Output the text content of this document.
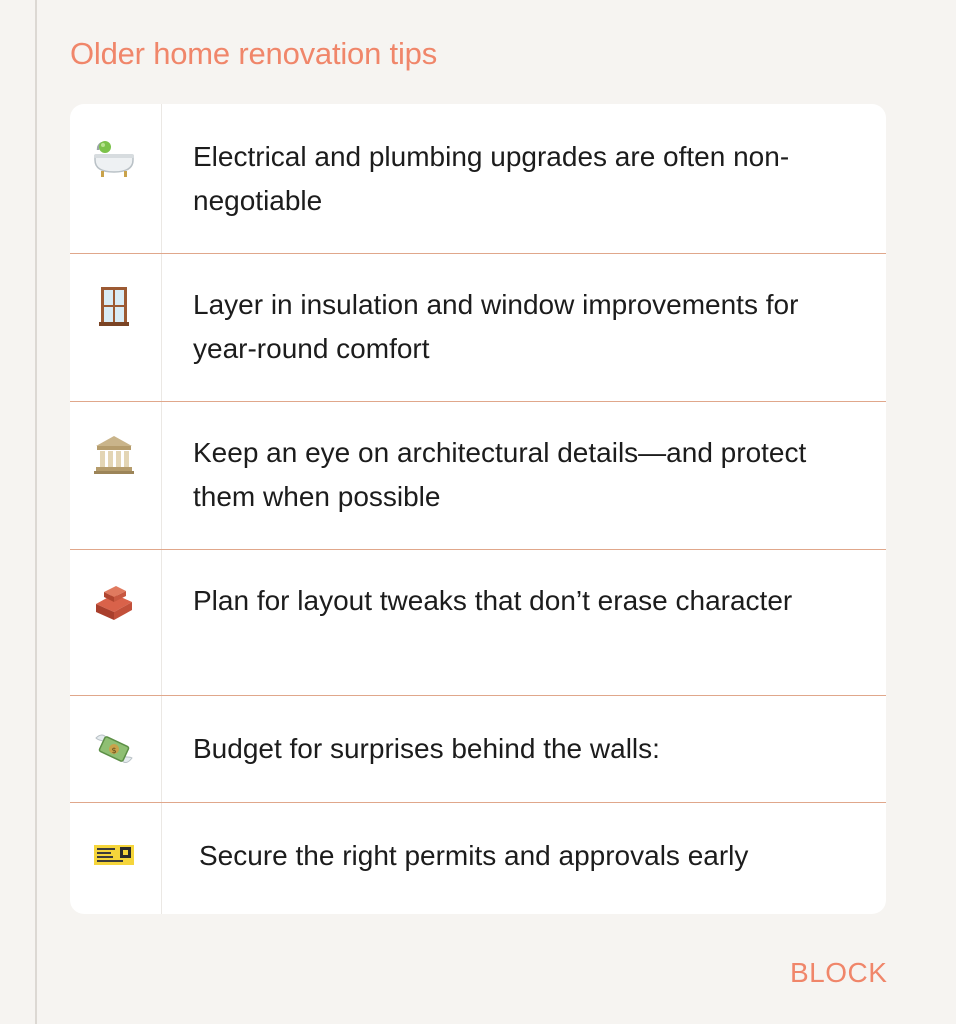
Older home renovation tips

Electrical and plumbing upgrades are often non-negotiable

Layer in insulation and window improvements for year-round comfort

Keep an eye on architectural details—and protect them when possible

Plan for layout tweaks that don’t erase character

$	Budget for surprises behind the walls:

Secure the right permits and approvals early

BLOCK
